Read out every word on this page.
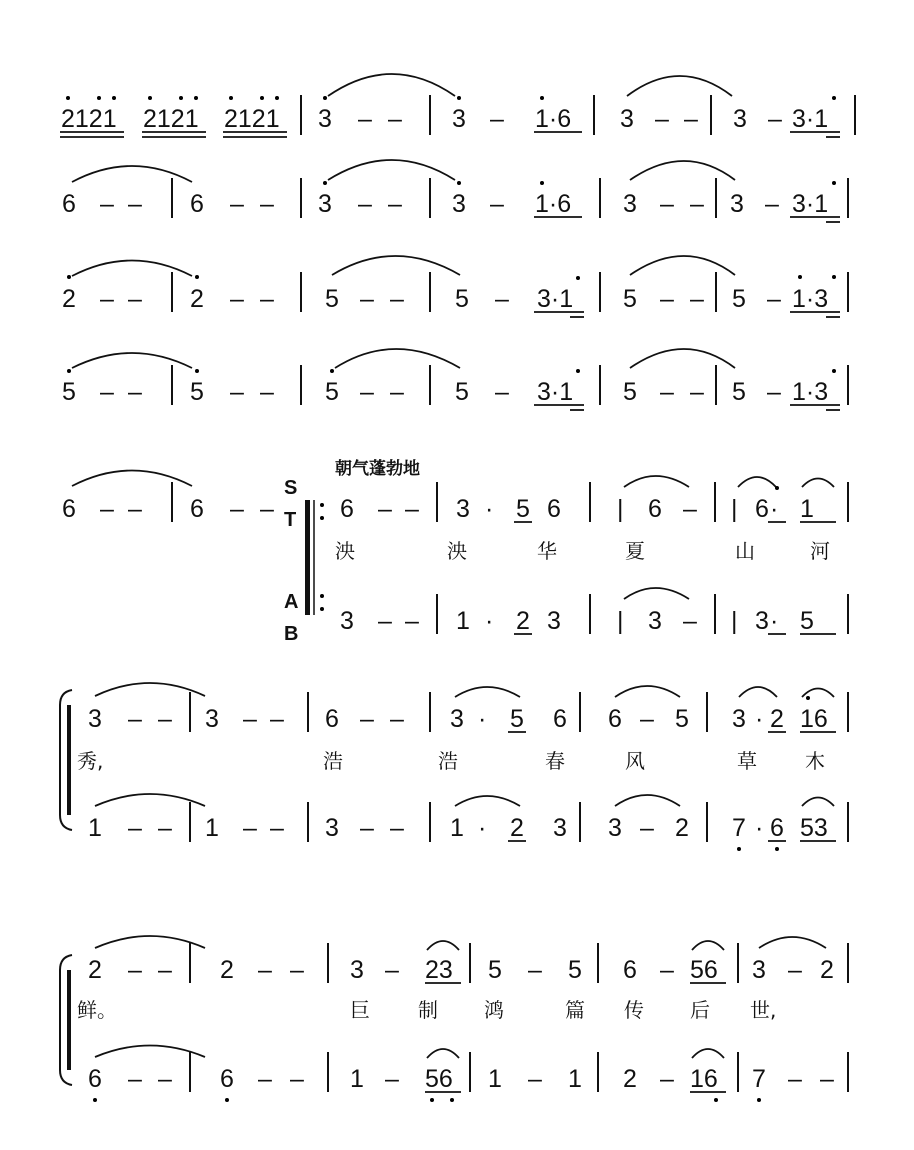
2121 2121 2121 3 – – 3 – 1·6 3 – – 3 – 3·1
6 – – 6 – – 3 – – 3 – 1·6 3 – – 3 – 3·1
2 – – 2 – – 5 – – 5 – 3·1 5 – – 5 – 1·3
5 – – 5 – – 5 – – 5 – 3·1 5 – – 5 – 1·3
朝气蓬勃地
6 – – 6 – –
S
T
A
B
6 – – 3 · 5 6 | 6 – | 6 · 1
泱	泱	华	夏	山	河
3 – – 1 · 2 3 | 3 – | 3 · 5
3 – – 3 – – 6 – – 3 · 5 6 6 – 5 3 · 2 16
秀,	浩	浩	春	风	草 木
1 – – 1 – – 3 – – 1 · 2 3 3 – 2 7 · 6 53
2 – – 2 – – 3 – 23 5 – 5 6 – 56 3 – 2
鲜。	巨 制 鸿	篇 传 后 世,
6 – – 6 – – 1 – 56 1 – 1 2 – 16 7 – –
